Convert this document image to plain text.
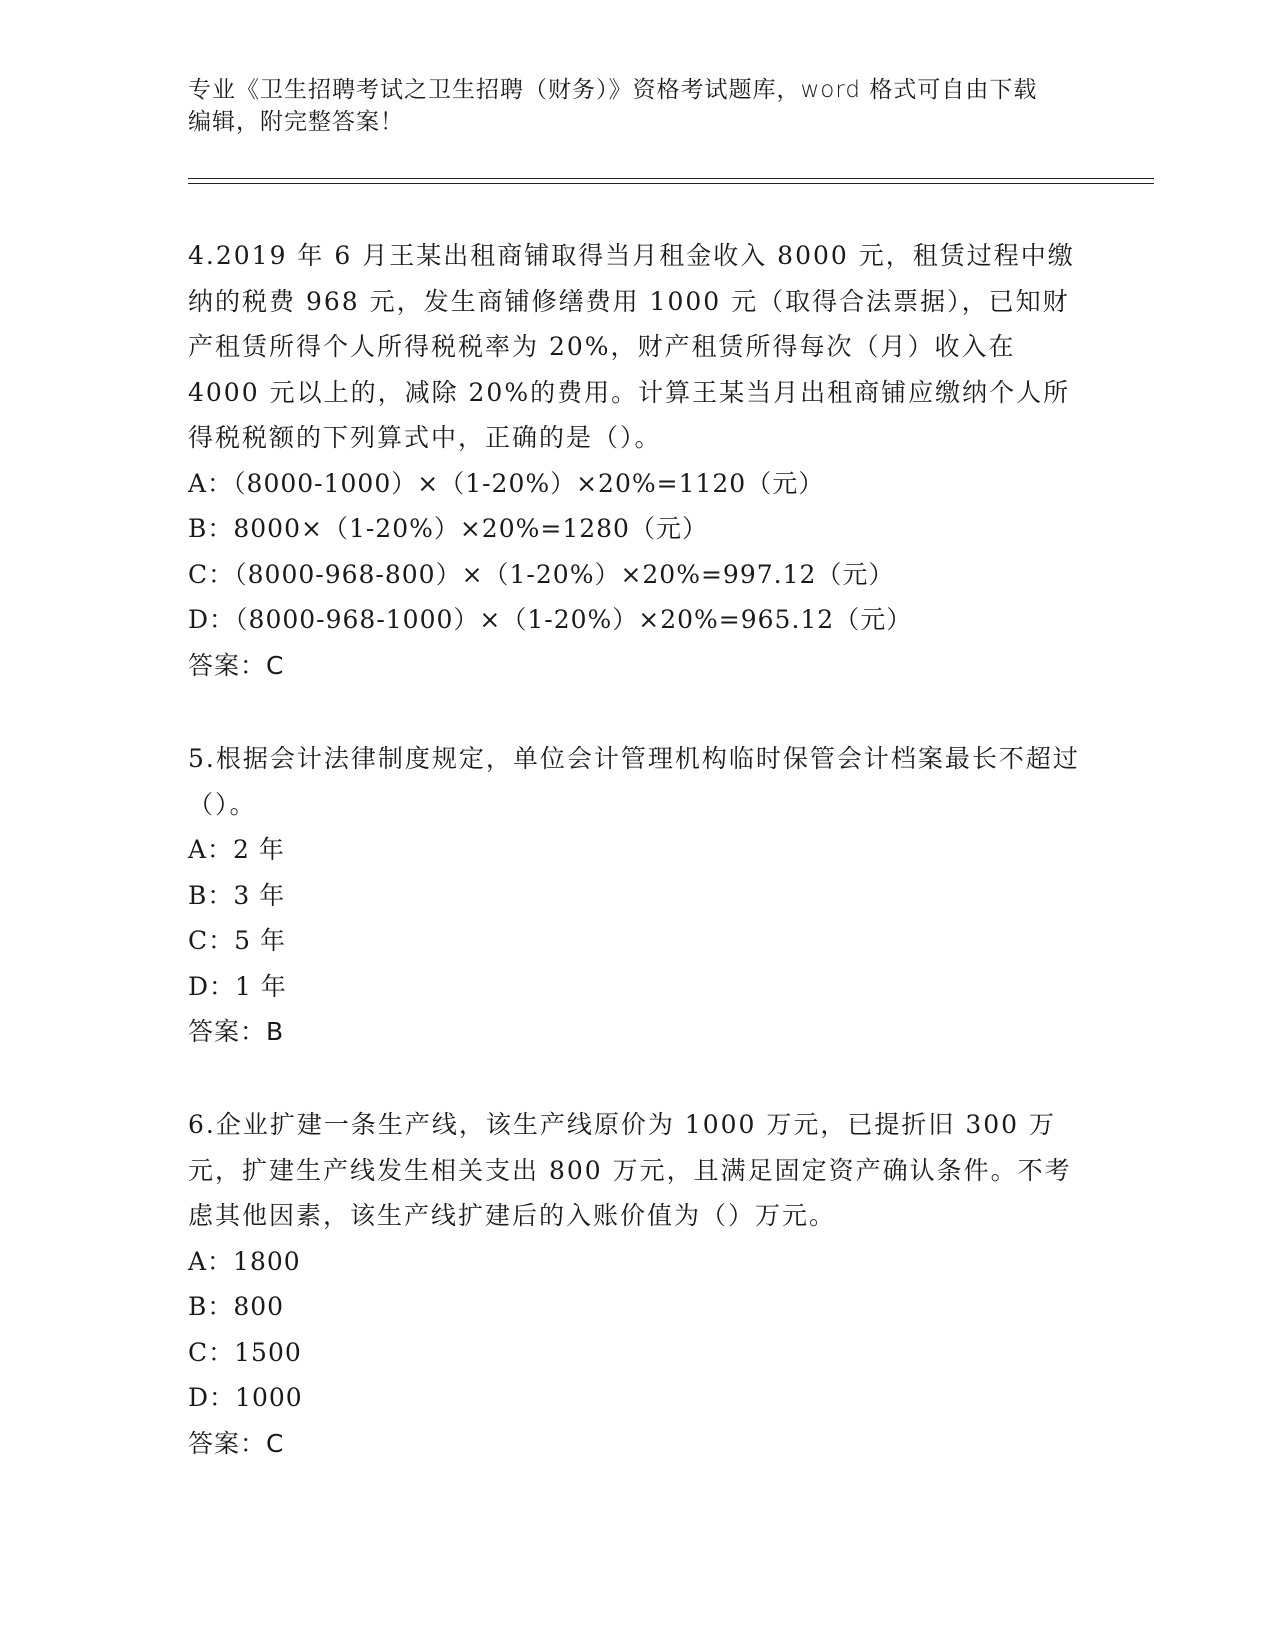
专业《卫生招聘考试之卫生招聘（财务）》资格考试题库，word 格式可自由下载
编辑，附完整答案！

4.2019 年 6 月王某出租商铺取得当月租金收入 8000 元，租赁过程中缴纳的税费 968 元，发生商铺修缮费用 1000 元（取得合法票据），已知财产租赁所得个人所得税税率为 20%，财产租赁所得每次（月）收入在 4000 元以上的，减除 20%的费用。计算王某当月出租商铺应缴纳个人所得税税额的下列算式中，正确的是（）。

A：（8000-1000）×（1-20%）×20%=1120（元）
B：8000×（1-20%）×20%=1280（元）
C：（8000-968-800）×（1-20%）×20%=997.12（元）
D：（8000-968-1000）×（1-20%）×20%=965.12（元）
答案：C

5.根据会计法律制度规定，单位会计管理机构临时保管会计档案最长不超过（）。

A：2 年
B：3 年
C：5 年
D：1 年
答案：B

6.企业扩建一条生产线，该生产线原价为 1000 万元，已提折旧 300 万元，扩建生产线发生相关支出 800 万元，且满足固定资产确认条件。不考虑其他因素，该生产线扩建后的入账价值为（）万元。

A：1800
B：800
C：1500
D：1000
答案：C
